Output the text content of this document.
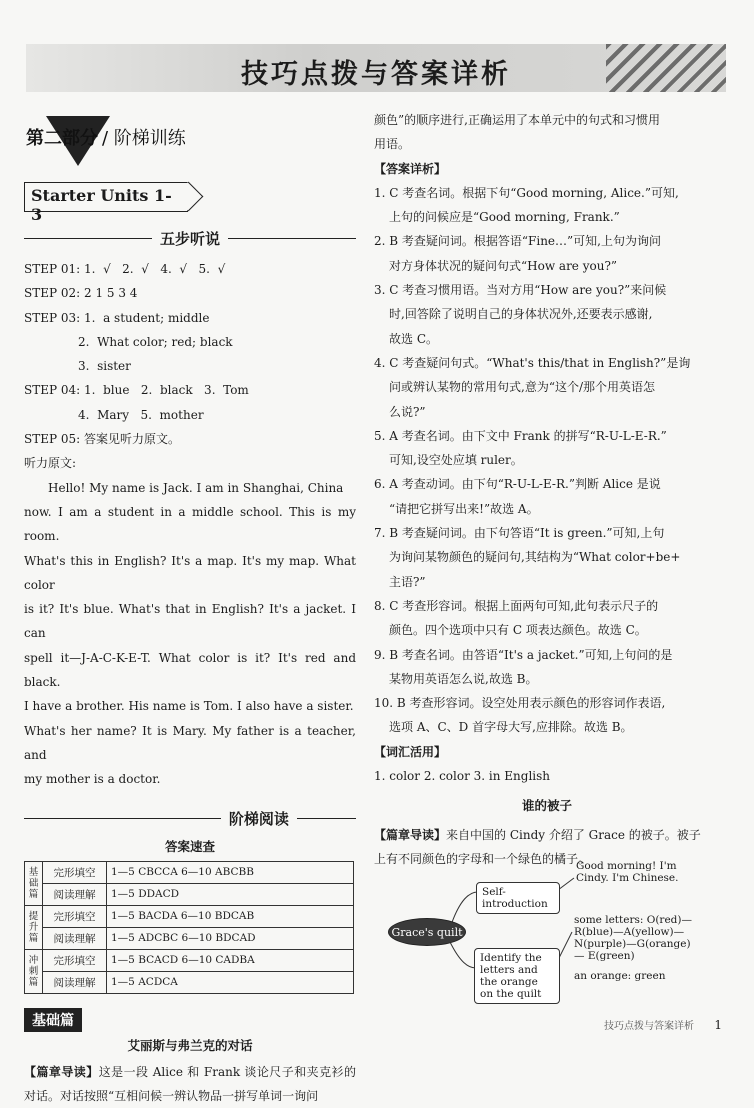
技巧点拨与答案详析
第二部分 / 阶梯训练
Starter Units 1-3
五步听说
STEP 01: 1.  √   2.  √   4.  √   5.  √
STEP 02: 2 1 5 3 4
STEP 03: 1.  a student; middle
2.  What color; red; black
3.  sister
STEP 04: 1.  blue   2.  black   3.  Tom
4.  Mary   5.  mother
STEP 05: 答案见听力原文。
听力原文:
Hello! My name is Jack. I am in Shanghai, China
now. I am a student in a middle school. This is my room.
What's this in English? It's a map. It's my map. What color
is it? It's blue. What's that in English? It's a jacket. I can
spell it—J-A-C-K-E-T. What color is it? It's red and black.
I have a brother. His name is Tom. I also have a sister.
What's her name? It is Mary. My father is a teacher, and
my mother is a doctor.
阶梯阅读
答案速查
基础篇	完形填空	1—5 CBCCA 6—10 ABCBB
	阅读理解	1—5 DDACD
提升篇	完形填空	1—5 BACDA 6—10 BDCAB
	阅读理解	1—5 ADCBC 6—10 BDCAD
冲刺篇	完形填空	1—5 BCACD 6—10 CADBA
	阅读理解	1—5 ACDCA
基础篇
艾丽斯与弗兰克的对话
【篇章导读】这是一段 Alice 和 Frank 谈论尺子和夹克衫的对话。对话按照“互相问候一辨认物品一拼写单词一询问
颜色”的顺序进行,正确运用了本单元中的句式和习惯用
用语。
【答案详析】
1. C 考查名词。根据下句“Good morning, Alice.”可知,
上句的问候应是“Good morning, Frank.”
2. B 考查疑问词。根据答语“Fine…”可知,上句为询问
对方身体状况的疑问句式“How are you?”
3. C 考查习惯用语。当对方用“How are you?”来问候
时,回答除了说明自己的身体状况外,还要表示感谢,
故选 C。
4. C 考查疑问句式。“What's this/that in English?”是询
问或辨认某物的常用句式,意为“这个/那个用英语怎
么说?”
5. A 考查名词。由下文中 Frank 的拼写“R-U-L-E-R.”
可知,设空处应填 ruler。
6. A 考查动词。由下句“R-U-L-E-R.”判断 Alice 是说
“请把它拼写出来!”故选 A。
7. B 考查疑问词。由下句答语“It is green.”可知,上句
为询问某物颜色的疑问句,其结构为“What color+be+
主语?”
8. C 考查形容词。根据上面两句可知,此句表示尺子的
颜色。四个选项中只有 C 项表达颜色。故选 C。
9. B 考查名词。由答语“It's a jacket.”可知,上句问的是
某物用英语怎么说,故选 B。
10. B 考查形容词。设空处用表示颜色的形容词作表语,
选项 A、C、D 首字母大写,应排除。故选 B。
【词汇活用】
1. color 2. color 3. in English
谁的被子
【篇章导读】来自中国的 Cindy 介绍了 Grace 的被子。被子
上有不同颜色的字母和一个绿色的橘子。
Grace's quilt
Self-introduction
Good morning! I'm Cindy. I'm Chinese.
Identify the letters and the orange on the quilt
some letters: O(red)— R(blue)—A(yellow)— N(purple)—G(orange)— E(green)
an orange: green
技巧点拨与答案详析 1
